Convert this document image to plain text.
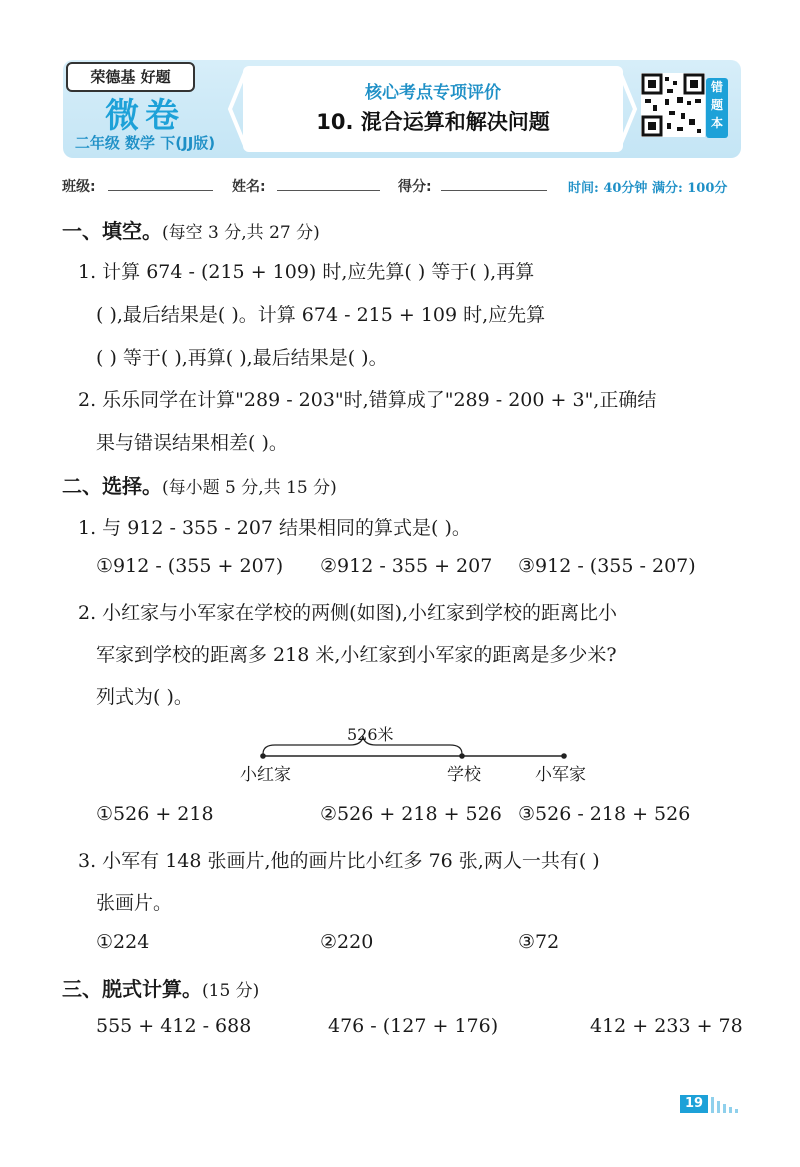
荣德基 好题
微卷
二年级 数学 下(JJ版)
核心考点专项评价
10. 混合运算和解决问题
错题本
班级:	姓名:	得分:	时间: 40分钟 满分: 100分
一、填空。(每空 3 分,共 27 分)
1. 计算 674 - (215 + 109) 时,应先算( ) 等于( ),再算
( ),最后结果是( )。计算 674 - 215 + 109 时,应先算
( ) 等于( ),再算( ),最后结果是( )。
2. 乐乐同学在计算"289 - 203"时,错算成了"289 - 200 + 3",正确结
果与错误结果相差( )。
二、选择。(每小题 5 分,共 15 分)
1. 与 912 - 355 - 207 结果相同的算式是( )。
①912 - (355 + 207) ②912 - 355 + 207 ③912 - (355 - 207)
2. 小红家与小军家在学校的两侧(如图),小红家到学校的距离比小
军家到学校的距离多 218 米,小红家到小军家的距离是多少米?
列式为( )。
526米
小红家	学校	小军家
①526 + 218	②526 + 218 + 526 ③526 - 218 + 526
3. 小军有 148 张画片,他的画片比小红多 76 张,两人一共有( )
张画片。
①224	②220	③72
三、脱式计算。(15 分)
555 + 412 - 688	476 - (127 + 176)	412 + 233 + 78
19
